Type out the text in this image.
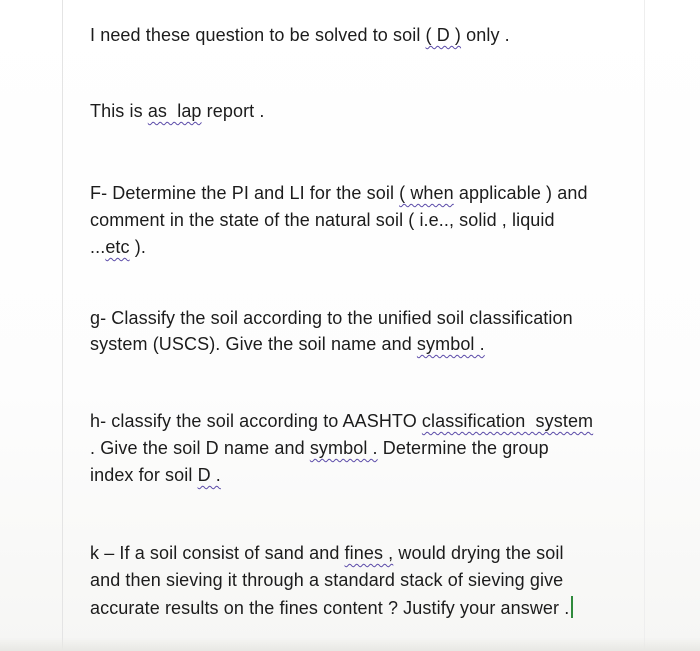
I need these question to be solved to soil ( D ) only .
This is as  lap report .
F- Determine the PI and LI for the soil ( when applicable ) and
comment in the state of the natural soil ( i.e.., solid , liquid
...etc ).
g- Classify the soil according to the unified soil classification
system (USCS). Give the soil name and symbol .
h- classify the soil according to AASHTO classification  system
. Give the soil D name and symbol . Determine the group
index for soil D .
k – If a soil consist of sand and fines , would drying the soil
and then sieving it through a standard stack of sieving give
accurate results on the fines content ? Justify your answer .
